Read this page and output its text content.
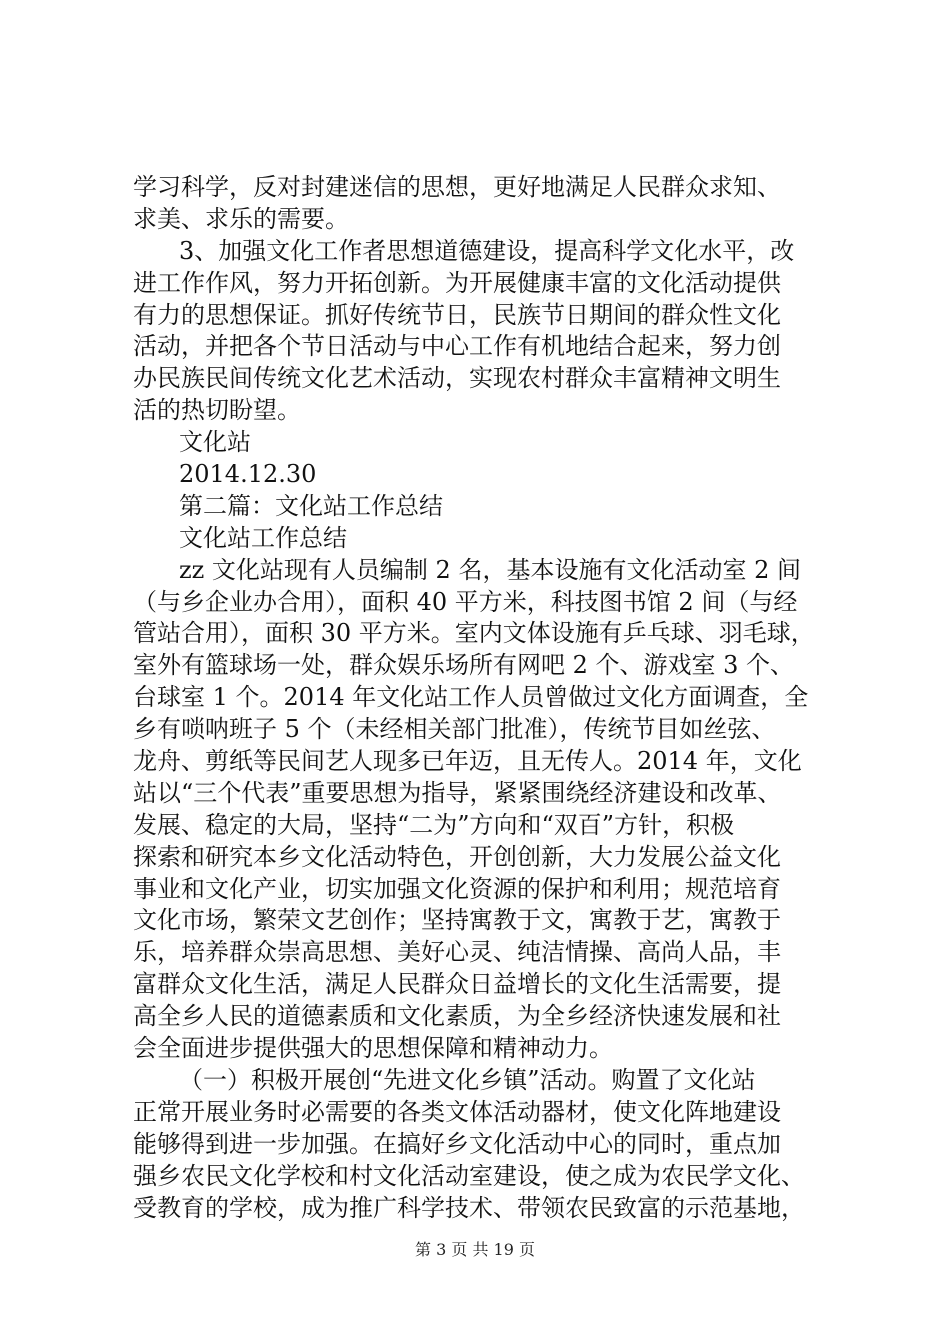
学习科学，反对封建迷信的思想，更好地满足人民群众求知、
求美、求乐的需要。
3、加强文化工作者思想道德建设，提高科学文化水平，改
进工作作风，努力开拓创新。为开展健康丰富的文化活动提供
有力的思想保证。抓好传统节日，民族节日期间的群众性文化
活动，并把各个节日活动与中心工作有机地结合起来，努力创
办民族民间传统文化艺术活动，实现农村群众丰富精神文明生
活的热切盼望。
文化站
2014.12.30
第二篇：文化站工作总结
文化站工作总结
zz 文化站现有人员编制 2 名，基本设施有文化活动室 2 间
（与乡企业办合用），面积 40 平方米，科技图书馆 2 间（与经
管站合用），面积 30 平方米。室内文体设施有乒乓球、羽毛球，
室外有篮球场一处，群众娱乐场所有网吧 2 个、游戏室 3 个、
台球室 1 个。2014 年文化站工作人员曾做过文化方面调查，全
乡有唢呐班子 5 个（未经相关部门批准），传统节目如丝弦、
龙舟、剪纸等民间艺人现多已年迈，且无传人。2014 年，文化
站以“三个代表”重要思想为指导，紧紧围绕经济建设和改革、
发展、稳定的大局，坚持“二为”方向和“双百”方针，积极
探索和研究本乡文化活动特色，开创创新，大力发展公益文化
事业和文化产业，切实加强文化资源的保护和利用；规范培育
文化市场，繁荣文艺创作；坚持寓教于文，寓教于艺，寓教于
乐，培养群众崇高思想、美好心灵、纯洁情操、高尚人品，丰
富群众文化生活，满足人民群众日益增长的文化生活需要，提
高全乡人民的道德素质和文化素质，为全乡经济快速发展和社
会全面进步提供强大的思想保障和精神动力。
（一）积极开展创“先进文化乡镇”活动。购置了文化站
正常开展业务时必需要的各类文体活动器材，使文化阵地建设
能够得到进一步加强。在搞好乡文化活动中心的同时，重点加
强乡农民文化学校和村文化活动室建设，使之成为农民学文化、
受教育的学校，成为推广科学技术、带领农民致富的示范基地，
第 3 页 共 19 页
